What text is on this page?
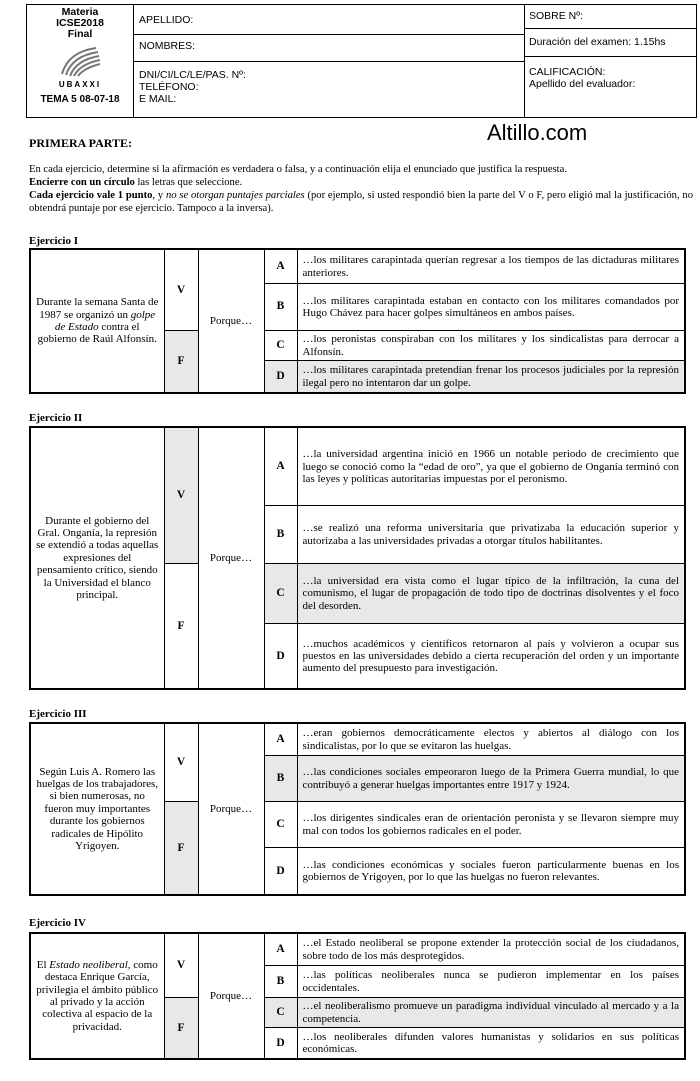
Materia
ICSE2018
Final
UBAXXI
TEMA 5 08-07-18
APELLIDO:
NOMBRES:
DNI/CI/LC/LE/PAS. Nº:
TELÉFONO:
E MAIL:
SOBRE Nº:
Duración del examen: 1.15hs
CALIFICACIÓN:
Apellido del evaluador:
Altillo.com
PRIMERA PARTE:
En cada ejercicio, determine si la afirmación es verdadera o falsa, y a continuación elija el enunciado que justifica la respuesta.
Encierre con un círculo las letras que seleccione.
Cada ejercicio vale 1 punto, y no se otorgan puntajes parciales (por ejemplo, si usted respondió bien la parte del V o F, pero eligió mal la justificación, no obtendrá puntaje por ese ejercicio. Tampoco a la inversa).
Ejercicio I
Durante la semana Santa de 1987 se organizó un golpe de Estado contra el gobierno de Raúl Alfonsín.	V	Porque…	A	…los militares carapintada querían regresar a los tiempos de las dictaduras militares anteriores.
			B	…los militares carapintada estaban en contacto con los militares comandados por Hugo Chávez para hacer golpes simultáneos en ambos países.
	F		C	…los peronistas conspiraban con los militares y los sindicalistas para derrocar a Alfonsín.
			D	…los militares carapintada pretendían frenar los procesos judiciales por la represión ilegal pero no intentaron dar un golpe.
Ejercicio II
Durante el gobierno del Gral. Onganía, la represión se extendió a todas aquellas expresiones del pensamiento crítico, siendo la Universidad el blanco principal.	V	Porque…	A	…la universidad argentina inició en 1966 un notable periodo de crecimiento que luego se conoció como la “edad de oro”, ya que el gobierno de Onganía terminó con las leyes y políticas autoritarias impuestas por el peronismo.
			B	…se realizó una reforma universitaria que privatizaba la educación superior y autorizaba a las universidades privadas a otorgar títulos habilitantes.
	F		C	…la universidad era vista como el lugar típico de la infiltración, la cuna del comunismo, el lugar de propagación de todo tipo de doctrinas disolventes y el foco del desorden.
			D	…muchos académicos y científicos retornaron al país y volvieron a ocupar sus puestos en las universidades debido a cierta recuperación del orden y un importante aumento del presupuesto para investigación.
Ejercicio III
Según Luis A. Romero las huelgas de los trabajadores, si bien numerosas, no fueron muy importantes durante los gobiernos radicales de Hipólito Yrigoyen.	V	Porque…	A	…eran gobiernos democráticamente electos y abiertos al diálogo con los sindicalistas, por lo que se evitaron las huelgas.
			B	…las condiciones sociales empeoraron luego de la Primera Guerra mundial, lo que contribuyó a generar huelgas importantes entre 1917 y 1924.
	F		C	…los dirigentes sindicales eran de orientación peronista y se llevaron siempre muy mal con todos los gobiernos radicales en el poder.
			D	…las condiciones económicas y sociales fueron particularmente buenas en los gobiernos de Yrigoyen, por lo que las huelgas no fueron relevantes.
Ejercicio IV
El Estado neoliberal, como destaca Enrique García, privilegia el ámbito público al privado y la acción colectiva al espacio de la privacidad.	V	Porque…	A	…el Estado neoliberal se propone extender la protección social de los ciudadanos, sobre todo de los más desprotegidos.
			B	…las políticas neoliberales nunca se pudieron implementar en los países occidentales.
	F		C	…el neoliberalismo promueve un paradigma individual vinculado al mercado y a la competencia.
			D	…los neoliberales difunden valores humanistas y solidarios en sus políticas económicas.
